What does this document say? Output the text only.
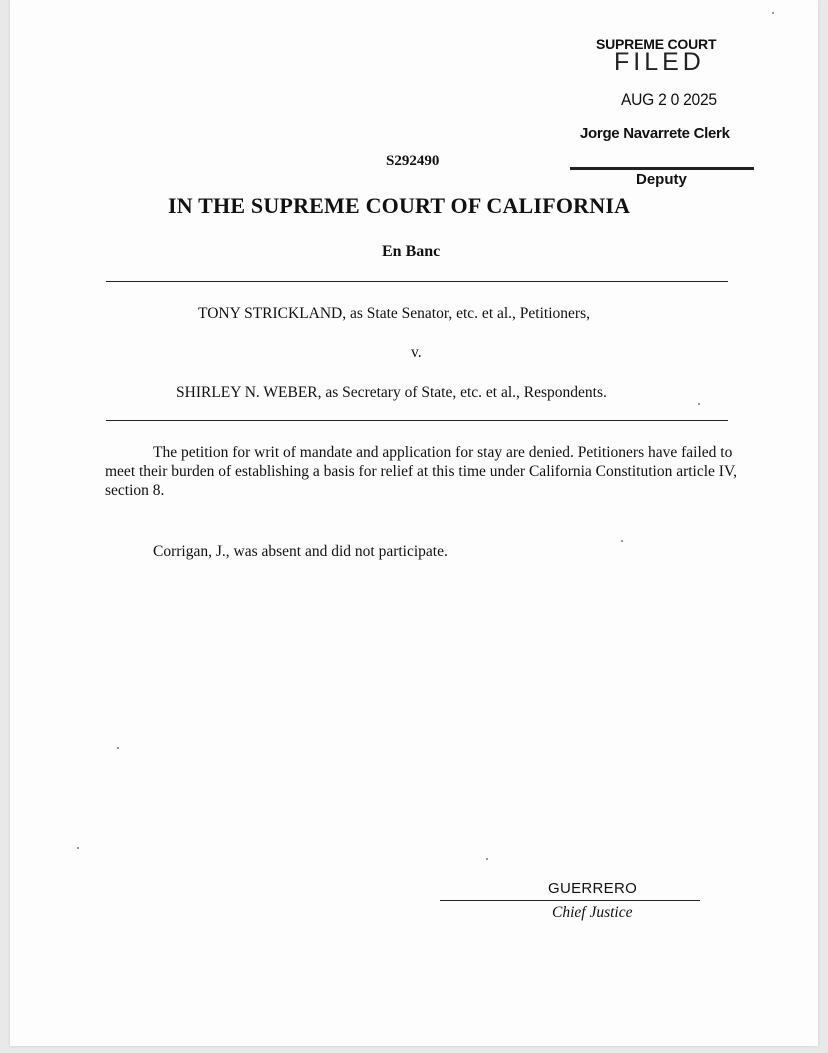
SUPREME COURT
FILED
AUG 2 0 2025
Jorge Navarrete Clerk
Deputy
S292490
IN THE SUPREME COURT OF CALIFORNIA
En Banc
TONY STRICKLAND, as State Senator, etc. et al., Petitioners,
v.
SHIRLEY N. WEBER, as Secretary of State, etc. et al., Respondents.
The petition for writ of mandate and application for stay are denied. Petitioners have failed to meet their burden of establishing a basis for relief at this time under California Constitution article IV, section 8.
Corrigan, J., was absent and did not participate.
GUERRERO
Chief Justice
